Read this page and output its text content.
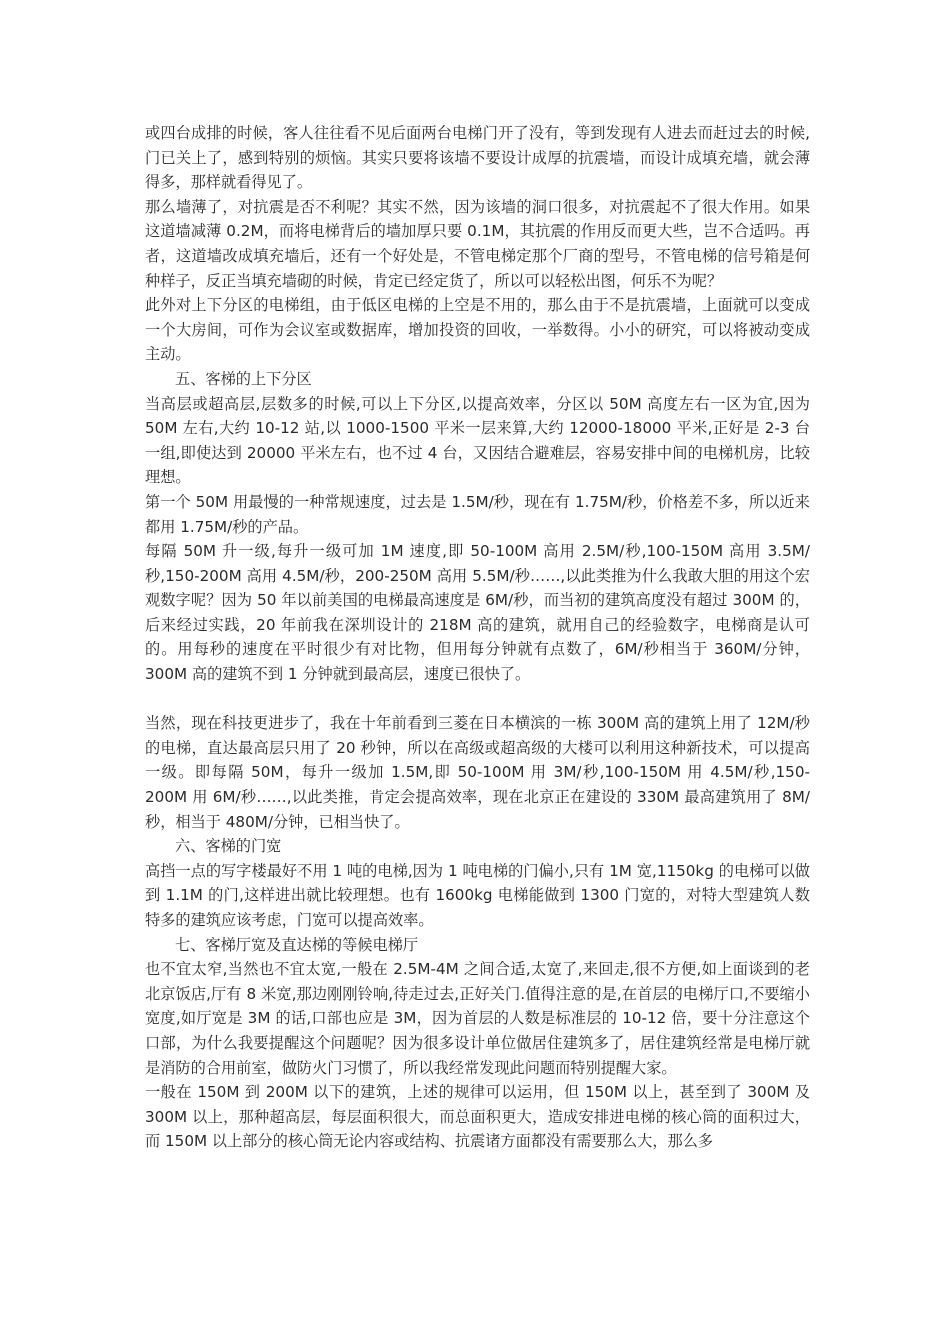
或四台成排的时候，客人往往看不见后面两台电梯门开了没有，等到发现有人进去而赶过去的时候,门已关上了，感到特别的烦恼。其实只要将该墙不要设计成厚的抗震墙，而设计成填充墙，就会薄得多，那样就看得见了。

那么墙薄了，对抗震是否不利呢？其实不然，因为该墙的洞口很多，对抗震起不了很大作用。如果这道墙减薄 0.2M，而将电梯背后的墙加厚只要 0.1M，其抗震的作用反而更大些，岂不合适吗。再者，这道墙改成填充墙后，还有一个好处是，不管电梯定那个厂商的型号，不管电梯的信号箱是何种样子，反正当填充墙砌的时候，肯定已经定货了，所以可以轻松出图，何乐不为呢？

此外对上下分区的电梯组，由于低区电梯的上空是不用的，那么由于不是抗震墙，上面就可以变成一个大房间，可作为会议室或数据库，增加投资的回收，一举数得。小小的研究，可以将被动变成主动。

五、客梯的上下分区

当高层或超高层,层数多的时候,可以上下分区,以提高效率，分区以 50M 高度左右一区为宜,因为 50M 左右,大约 10-12 站,以 1000-1500 平米一层来算,大约 12000-18000 平米,正好是 2-3 台一组,即使达到 20000 平米左右，也不过 4 台，又因结合避难层，容易安排中间的电梯机房，比较理想。

第一个 50M 用最慢的一种常规速度，过去是 1.5M/秒，现在有 1.75M/秒，价格差不多，所以近来都用 1.75M/秒的产品。

每隔 50M 升一级,每升一级可加 1M 速度,即 50-100M 高用 2.5M/秒,100-150M 高用 3.5M/秒,150-200M 高用 4.5M/秒，200-250M 高用 5.5M/秒……,以此类推为什么我敢大胆的用这个宏观数字呢？因为 50 年以前美国的电梯最高速度是 6M/秒，而当初的建筑高度没有超过 300M 的，后来经过实践，20 年前我在深圳设计的 218M 高的建筑，就用自己的经验数字，电梯商是认可的。用每秒的速度在平时很少有对比物，但用每分钟就有点数了，6M/秒相当于 360M/分钟，300M 高的建筑不到 1 分钟就到最高层，速度已很快了。

当然，现在科技更进步了，我在十年前看到三菱在日本横滨的一栋 300M 高的建筑上用了 12M/秒的电梯，直达最高层只用了 20 秒钟，所以在高级或超高级的大楼可以利用这种新技术，可以提高一级。即每隔 50M，每升一级加 1.5M,即 50-100M 用 3M/秒,100-150M 用 4.5M/秒,150-200M 用 6M/秒……,以此类推，肯定会提高效率，现在北京正在建设的 330M 最高建筑用了 8M/秒，相当于 480M/分钟，已相当快了。

六、客梯的门宽

高挡一点的写字楼最好不用 1 吨的电梯,因为 1 吨电梯的门偏小,只有 1M 宽,1150kg 的电梯可以做到 1.1M 的门,这样进出就比较理想。也有 1600kg 电梯能做到 1300 门宽的，对特大型建筑人数特多的建筑应该考虑，门宽可以提高效率。

七、客梯厅宽及直达梯的等候电梯厅

也不宜太窄,当然也不宜太宽,一般在 2.5M-4M 之间合适,太宽了,来回走,很不方便,如上面谈到的老北京饭店,厅有 8 米宽,那边刚刚铃响,待走过去,正好关门.值得注意的是,在首层的电梯厅口,不要缩小宽度,如厅宽是 3M 的话,口部也应是 3M，因为首层的人数是标准层的 10-12 倍，要十分注意这个口部，为什么我要提醒这个问题呢？因为很多设计单位做居住建筑多了，居住建筑经常是电梯厅就是消防的合用前室，做防火门习惯了，所以我经常发现此问题而特别提醒大家。

一般在 150M 到 200M 以下的建筑，上述的规律可以运用，但 150M 以上，甚至到了 300M 及 300M 以上，那种超高层，每层面积很大，而总面积更大，造成安排进电梯的核心筒的面积过大，而 150M 以上部分的核心筒无论内容或结构、抗震诸方面都没有需要那么大，那么多
